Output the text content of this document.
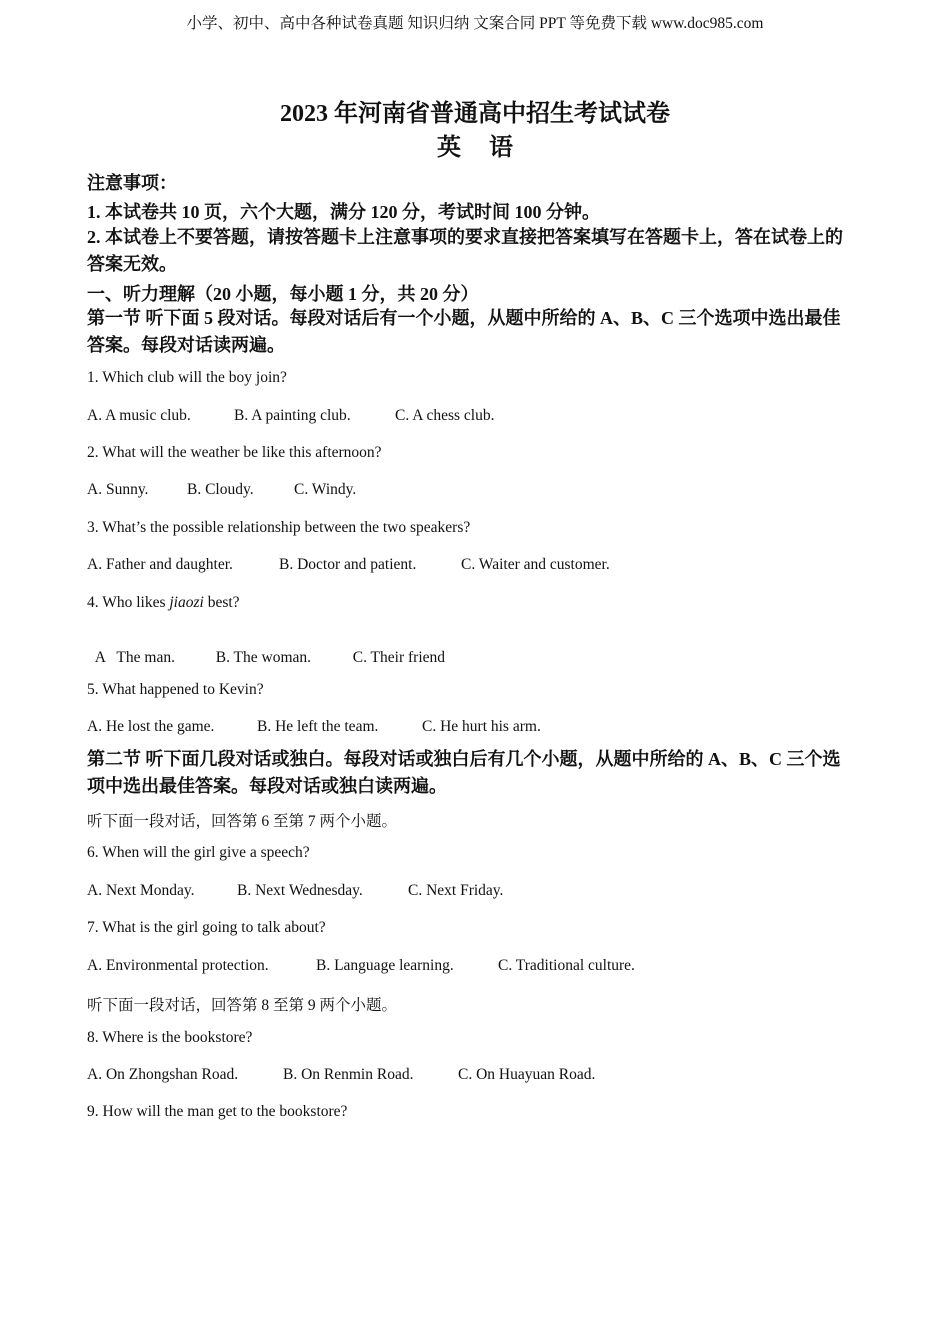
小学、初中、高中各种试卷真题 知识归纳 文案合同 PPT 等免费下载 www.doc985.com
2023 年河南省普通高中招生考试试卷
英语
注意事项：
1. 本试卷共 10 页，六个大题，满分 120 分，考试时间 100 分钟。
2. 本试卷上不要答题，请按答题卡上注意事项的要求直接把答案填写在答题卡上，答在试卷上的答案无效。
一、听力理解（20 小题，每小题 1 分，共 20 分）
第一节 听下面 5 段对话。每段对话后有一个小题，从题中所给的 A、B、C 三个选项中选出最佳答案。每段对话读两遍。
1. Which club will the boy join?
A. A music club.	B. A painting club.	C. A chess club.
2. What will the weather be like this afternoon?
A. Sunny. B. Cloudy.	C. Windy.
3. What’s the possible relationship between the two speakers?
A. Father and daughter.	B. Doctor and patient.	C. Waiter and customer.
4. Who likes jiaozi best?

A   The man.	B. The woman.	C. Their friend

5. What happened to Kevin?
A. He lost the game.	B. He left the team.	C. He hurt his arm.
第二节 听下面几段对话或独白。每段对话或独白后有几个小题，从题中所给的 A、B、C 三个选项中选出最佳答案。每段对话或独白读两遍。
听下面一段对话，回答第 6 至第 7 两个小题。
6. When will the girl give a speech?
A. Next Monday.	B. Next Wednesday.	C. Next Friday.
7. What is the girl going to talk about?
A. Environmental protection.	B. Language learning.	C. Traditional culture.
听下面一段对话，回答第 8 至第 9 两个小题。
8. Where is the bookstore?
A. On Zhongshan Road.	B. On Renmin Road.	C. On Huayuan Road.
9. How will the man get to the bookstore?
